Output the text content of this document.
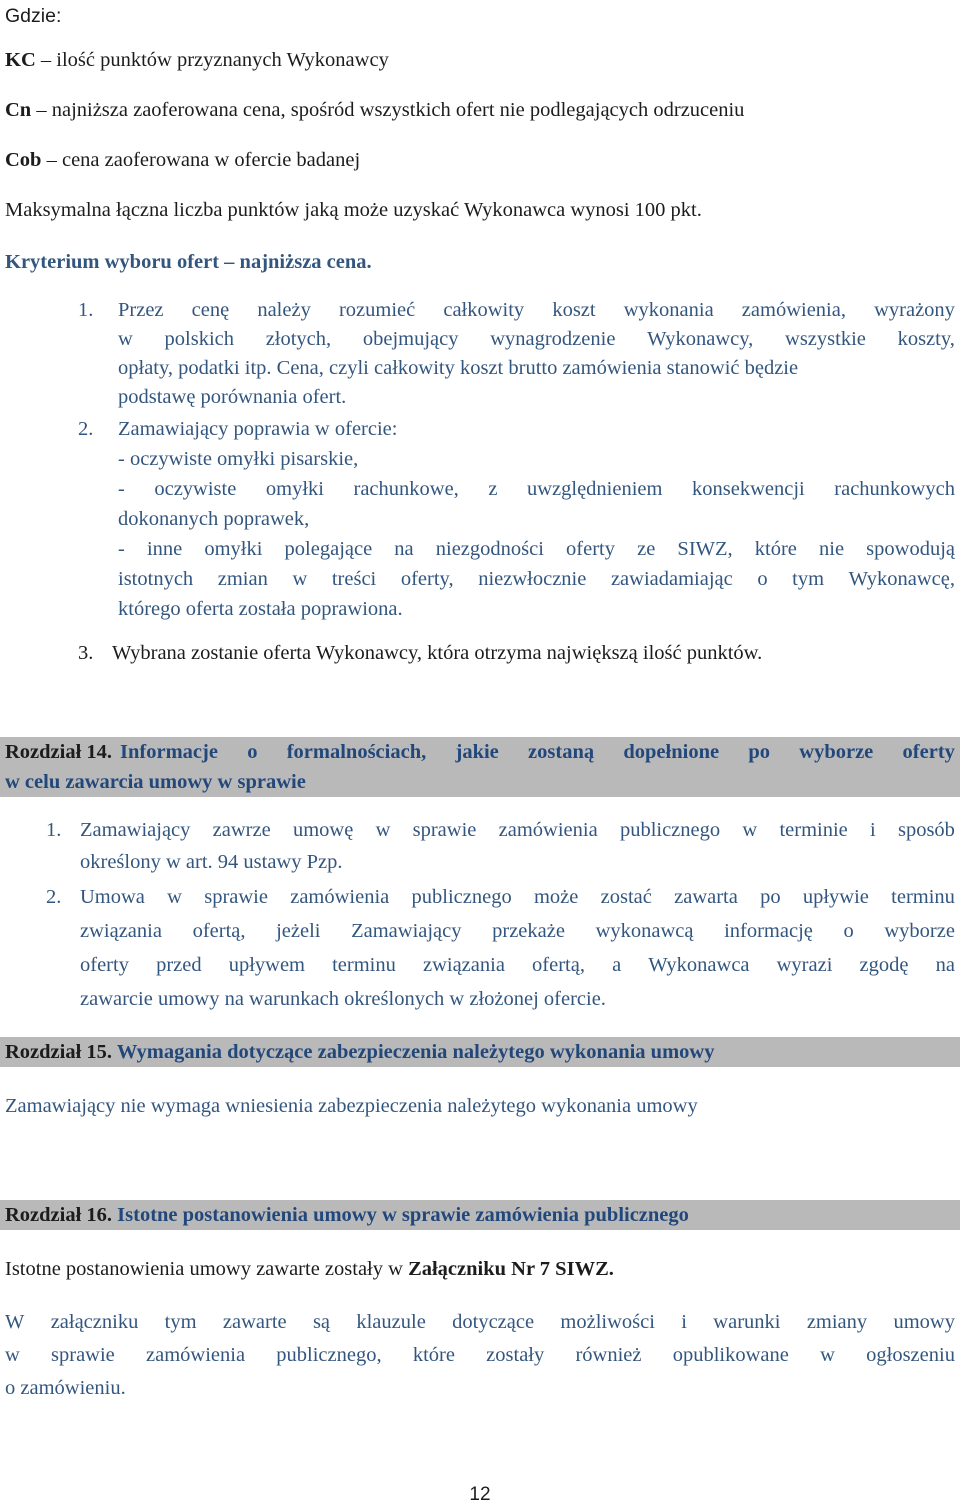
Gdzie:
KC – ilość punktów przyznanych Wykonawcy
Cn – najniższa zaoferowana cena, spośród wszystkich ofert nie podlegających odrzuceniu
Cob – cena zaoferowana w ofercie badanej
Maksymalna łączna liczba punktów jaką może uzyskać Wykonawca wynosi 100 pkt.
Kryterium wyboru ofert – najniższa cena.
1. Przez cenę należy rozumieć całkowity koszt wykonania zamówienia, wyrażony
w polskich złotych, obejmujący wynagrodzenie Wykonawcy, wszystkie koszty,
opłaty, podatki itp. Cena, czyli całkowity koszt brutto zamówienia stanowić będzie
podstawę porównania ofert.
2. Zamawiający poprawia w ofercie:
- oczywiste omyłki pisarskie,
- oczywiste omyłki rachunkowe, z uwzględnieniem konsekwencji rachunkowych
dokonanych poprawek,
- inne omyłki polegające na niezgodności oferty ze SIWZ, które nie spowodują
istotnych zmian w treści oferty, niezwłocznie zawiadamiając o tym Wykonawcę,
którego oferta została poprawiona.
3. Wybrana zostanie oferta Wykonawcy, która otrzyma największą ilość punktów.
Rozdział 14. Informacje o formalnościach, jakie zostaną dopełnione po wyborze oferty
w celu zawarcia umowy w sprawie
1. Zamawiający zawrze umowę w sprawie zamówienia publicznego w terminie i sposób
określony w art. 94 ustawy Pzp.
2. Umowa w sprawie zamówienia publicznego może zostać zawarta po upływie terminu
związania ofertą, jeżeli Zamawiający przekaże wykonawcą informację o wyborze
oferty przed upływem terminu związania ofertą, a Wykonawca wyrazi zgodę na
zawarcie umowy na warunkach określonych w złożonej ofercie.
Rozdział 15. Wymagania dotyczące zabezpieczenia należytego wykonania umowy
Zamawiający nie wymaga wniesienia zabezpieczenia należytego wykonania umowy
Rozdział 16. Istotne postanowienia umowy w sprawie zamówienia publicznego
Istotne postanowienia umowy zawarte zostały w Załączniku Nr 7 SIWZ.
W załączniku tym zawarte są klauzule dotyczące możliwości i warunki zmiany umowy
w sprawie zamówienia publicznego, które zostały również opublikowane w ogłoszeniu
o zamówieniu.
12
